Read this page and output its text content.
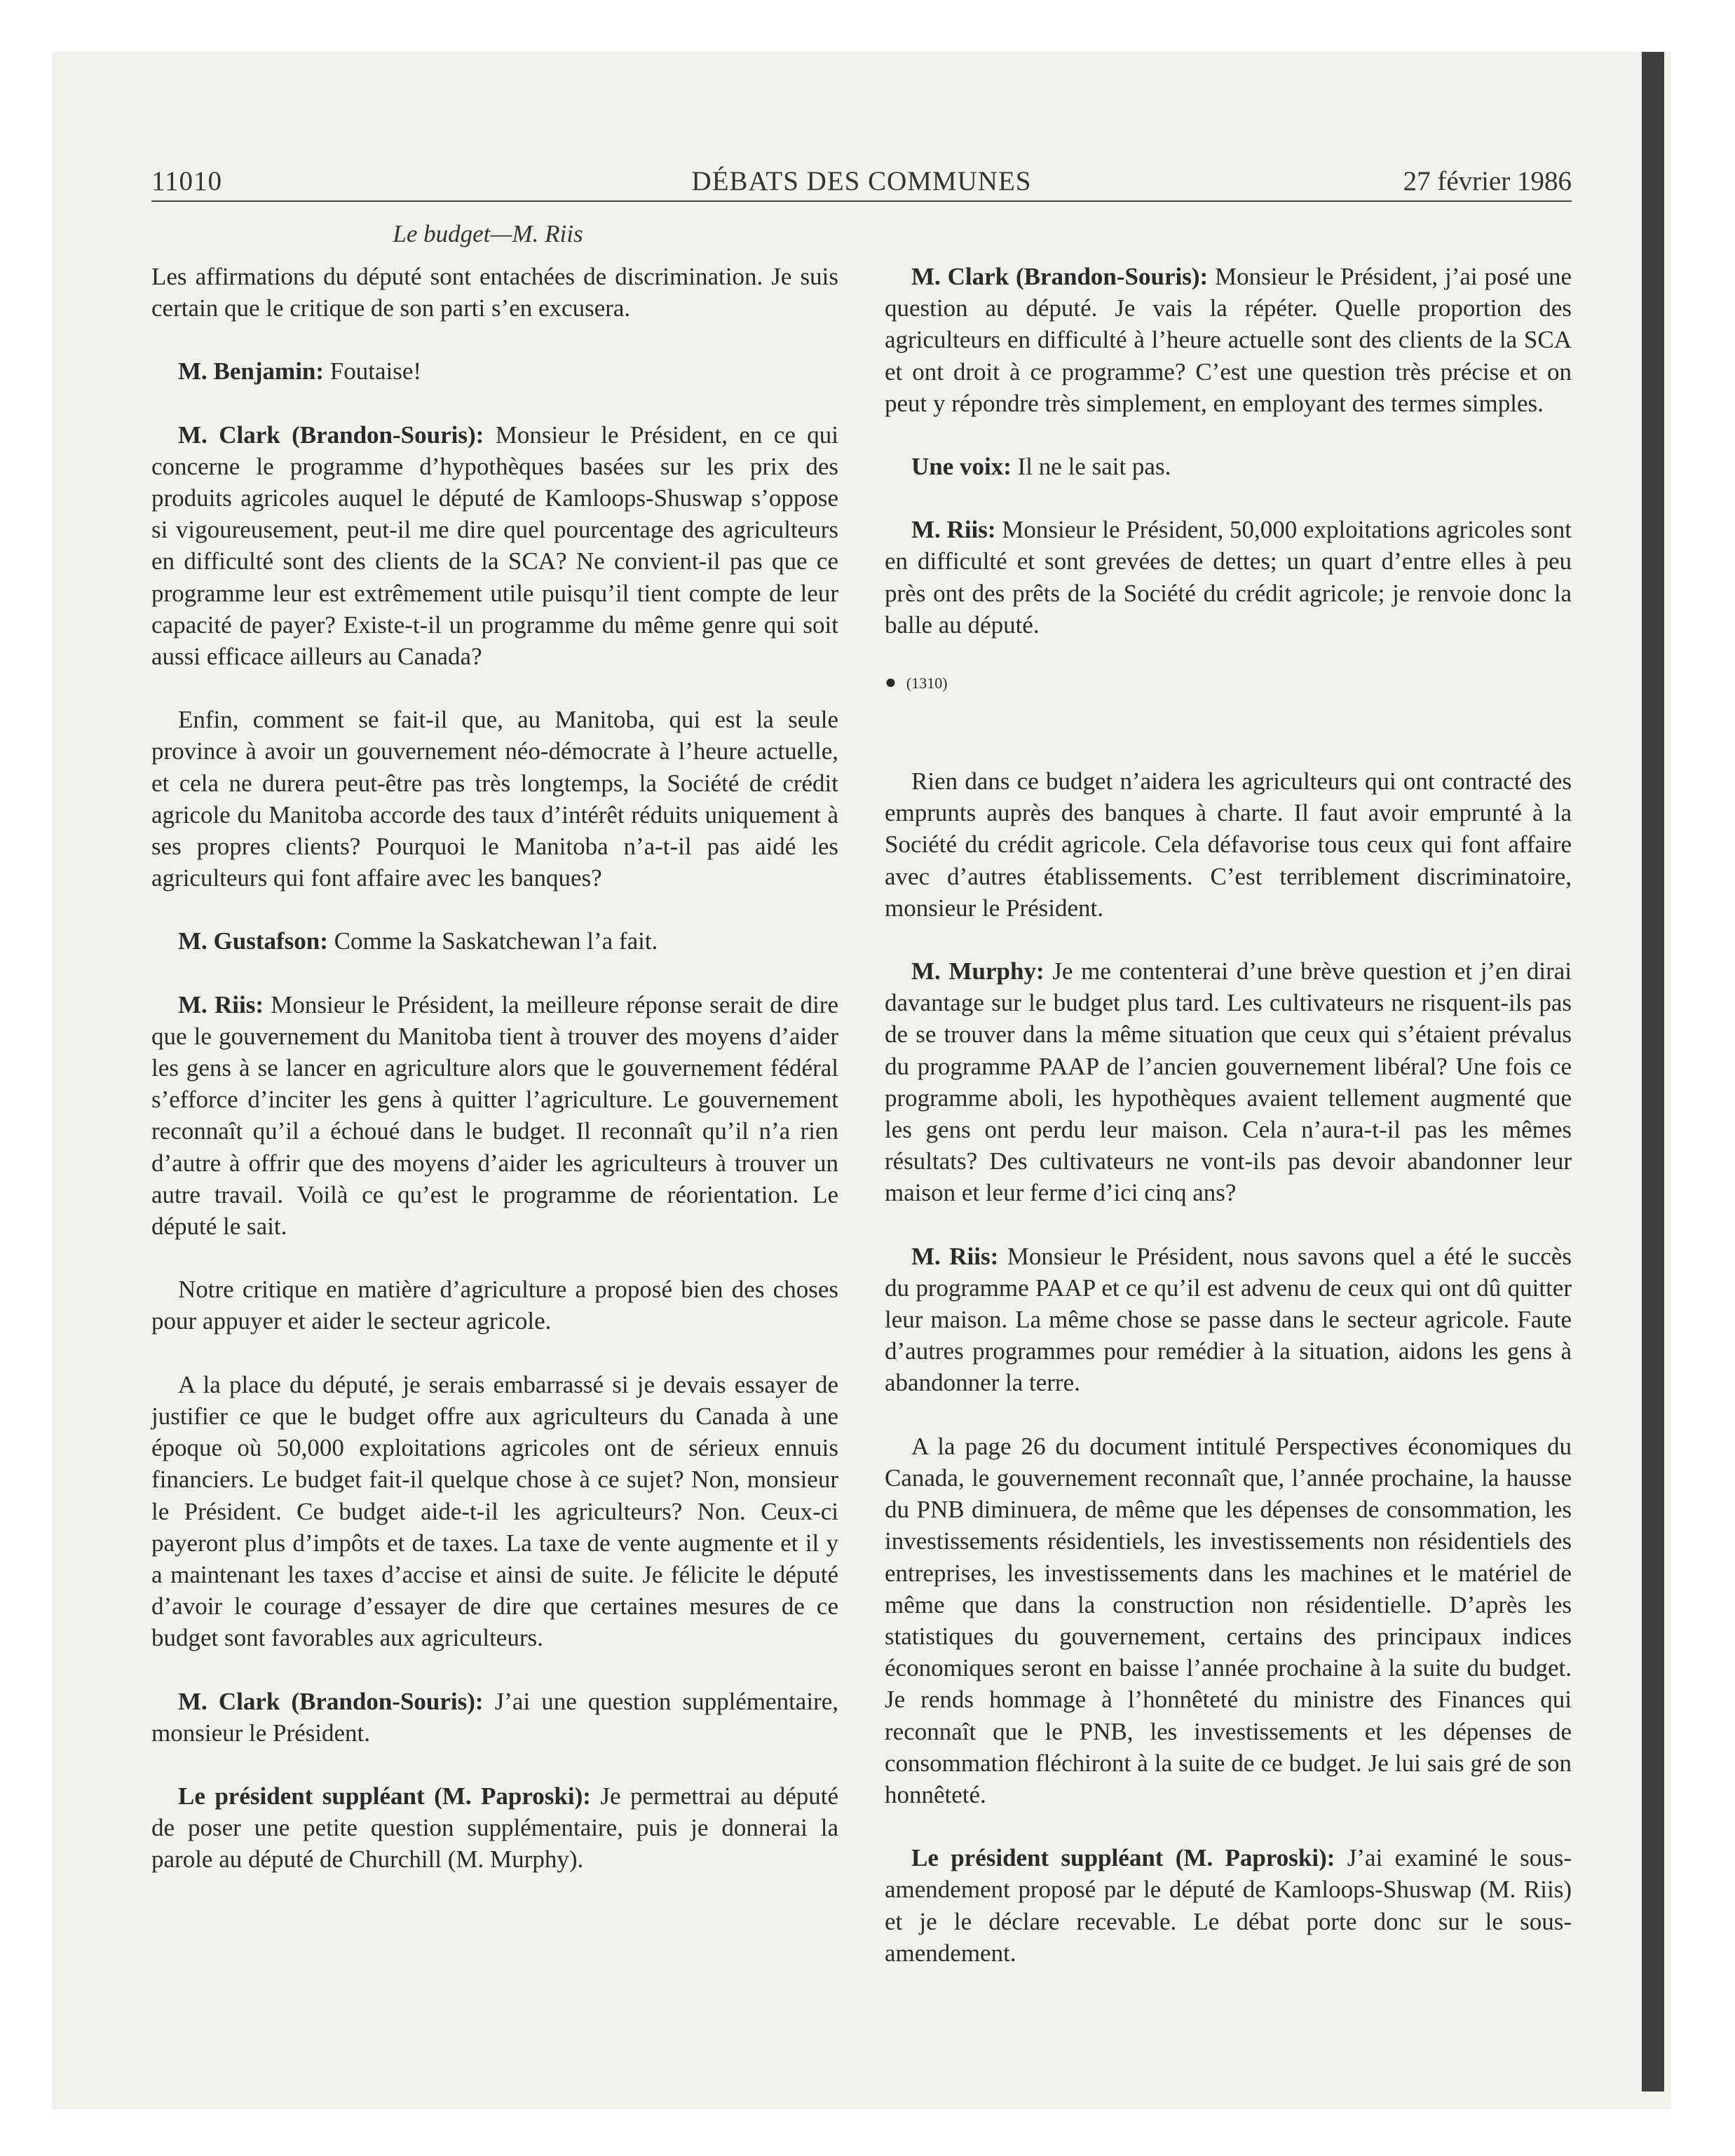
11010	DÉBATS DES COMMUNES	27 février 1986
Le budget—M. Riis

Les affirmations du député sont entachées de discrimination. Je suis certain que le critique de son parti s’en excusera.

M. Benjamin: Foutaise!

M. Clark (Brandon-Souris): Monsieur le Président, en ce qui concerne le programme d’hypothèques basées sur les prix des produits agricoles auquel le député de Kamloops-Shuswap s’oppose si vigoureusement, peut-il me dire quel pourcentage des agriculteurs en difficulté sont des clients de la SCA? Ne convient-il pas que ce programme leur est extrêmement utile puisqu’il tient compte de leur capacité de payer? Existe-t-il un programme du même genre qui soit aussi efficace ailleurs au Canada?

Enfin, comment se fait-il que, au Manitoba, qui est la seule province à avoir un gouvernement néo-démocrate à l’heure actuelle, et cela ne durera peut-être pas très longtemps, la Société de crédit agricole du Manitoba accorde des taux d’intérêt réduits uniquement à ses propres clients? Pourquoi le Manitoba n’a-t-il pas aidé les agriculteurs qui font affaire avec les banques?

M. Gustafson: Comme la Saskatchewan l’a fait.

M. Riis: Monsieur le Président, la meilleure réponse serait de dire que le gouvernement du Manitoba tient à trouver des moyens d’aider les gens à se lancer en agriculture alors que le gouvernement fédéral s’efforce d’inciter les gens à quitter l’agriculture. Le gouvernement reconnaît qu’il a échoué dans le budget. Il reconnaît qu’il n’a rien d’autre à offrir que des moyens d’aider les agriculteurs à trouver un autre travail. Voilà ce qu’est le programme de réorientation. Le député le sait.

Notre critique en matière d’agriculture a proposé bien des choses pour appuyer et aider le secteur agricole.

A la place du député, je serais embarrassé si je devais essayer de justifier ce que le budget offre aux agriculteurs du Canada à une époque où 50,000 exploitations agricoles ont de sérieux ennuis financiers. Le budget fait-il quelque chose à ce sujet? Non, monsieur le Président. Ce budget aide-t-il les agriculteurs? Non. Ceux-ci payeront plus d’impôts et de taxes. La taxe de vente augmente et il y a maintenant les taxes d’accise et ainsi de suite. Je félicite le député d’avoir le courage d’essayer de dire que certaines mesures de ce budget sont favorables aux agriculteurs.

M. Clark (Brandon-Souris): J’ai une question supplémentaire, monsieur le Président.

Le président suppléant (M. Paproski): Je permettrai au député de poser une petite question supplémentaire, puis je donnerai la parole au député de Churchill (M. Murphy).

M. Clark (Brandon-Souris): Monsieur le Président, j’ai posé une question au député. Je vais la répéter. Quelle proportion des agriculteurs en difficulté à l’heure actuelle sont des clients de la SCA et ont droit à ce programme? C’est une question très précise et on peut y répondre très simplement, en employant des termes simples.

Une voix: Il ne le sait pas.

M. Riis: Monsieur le Président, 50,000 exploitations agricoles sont en difficulté et sont grevées de dettes; un quart d’entre elles à peu près ont des prêts de la Société du crédit agricole; je renvoie donc la balle au député.

● (1310)

Rien dans ce budget n’aidera les agriculteurs qui ont contracté des emprunts auprès des banques à charte. Il faut avoir emprunté à la Société du crédit agricole. Cela défavorise tous ceux qui font affaire avec d’autres établissements. C’est terriblement discriminatoire, monsieur le Président.

M. Murphy: Je me contenterai d’une brève question et j’en dirai davantage sur le budget plus tard. Les cultivateurs ne risquent-ils pas de se trouver dans la même situation que ceux qui s’étaient prévalus du programme PAAP de l’ancien gouvernement libéral? Une fois ce programme aboli, les hypothèques avaient tellement augmenté que les gens ont perdu leur maison. Cela n’aura-t-il pas les mêmes résultats? Des cultivateurs ne vont-ils pas devoir abandonner leur maison et leur ferme d’ici cinq ans?

M. Riis: Monsieur le Président, nous savons quel a été le succès du programme PAAP et ce qu’il est advenu de ceux qui ont dû quitter leur maison. La même chose se passe dans le secteur agricole. Faute d’autres programmes pour remédier à la situation, aidons les gens à abandonner la terre.

A la page 26 du document intitulé Perspectives économiques du Canada, le gouvernement reconnaît que, l’année prochaine, la hausse du PNB diminuera, de même que les dépenses de consommation, les investissements résidentiels, les investissements non résidentiels des entreprises, les investissements dans les machines et le matériel de même que dans la construction non résidentielle. D’après les statistiques du gouvernement, certains des principaux indices économiques seront en baisse l’année prochaine à la suite du budget. Je rends hommage à l’honnêteté du ministre des Finances qui reconnaît que le PNB, les investissements et les dépenses de consommation fléchiront à la suite de ce budget. Je lui sais gré de son honnêteté.

Le président suppléant (M. Paproski): J’ai examiné le sous-amendement proposé par le député de Kamloops-Shuswap (M. Riis) et je le déclare recevable. Le débat porte donc sur le sous-amendement.
